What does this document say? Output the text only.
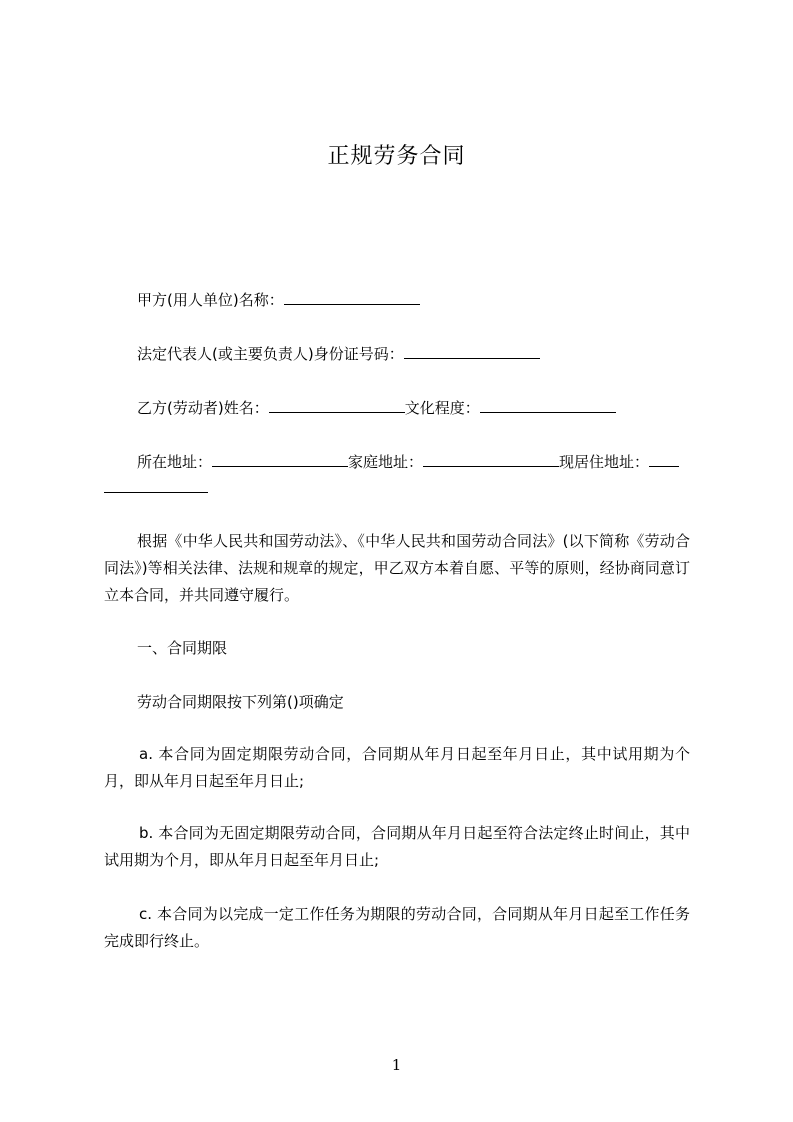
正规劳务合同
甲方(用人单位)名称：
法定代表人(或主要负责人)身份证号码：
乙方(劳动者)姓名：	文化程度：
所在地址：	家庭地址：	现居住地址：
根据《中华人民共和国劳动法》、《中华人民共和国劳动合同法》(以下简称《劳动合同法》)等相关法律、法规和规章的规定，甲乙双方本着自愿、平等的原则，经协商同意订立本合同，并共同遵守履行。
一、合同期限
劳动合同期限按下列第()项确定
a. 本合同为固定期限劳动合同，合同期从年月日起至年月日止，其中试用期为个月，即从年月日起至年月日止;
b. 本合同为无固定期限劳动合同，合同期从年月日起至符合法定终止时间止，其中试用期为个月，即从年月日起至年月日止;
c. 本合同为以完成一定工作任务为期限的劳动合同，合同期从年月日起至工作任务完成即行终止。
1
